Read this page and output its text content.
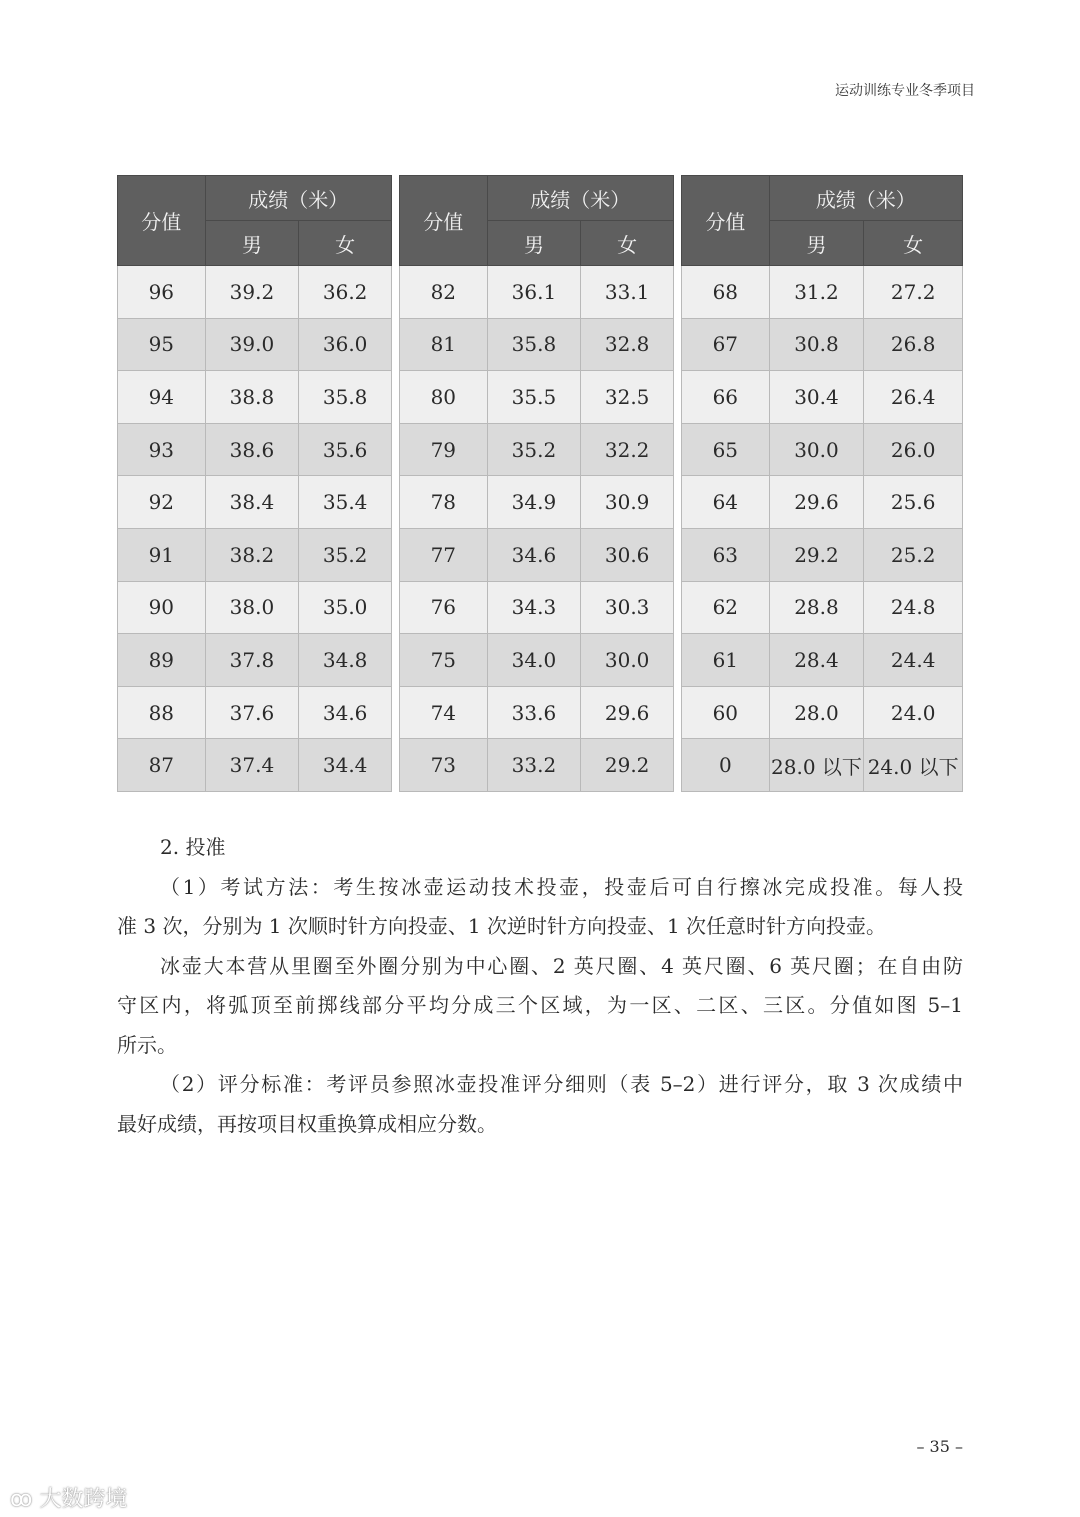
运动训练专业冬季项目
分值	成绩（米）	
	男	女
96	39.2	36.2
95	39.0	36.0
94	38.8	35.8
93	38.6	35.6
92	38.4	35.4
91	38.2	35.2
90	38.0	35.0
89	37.8	34.8
88	37.6	34.6
87	37.4	34.4
分值	成绩（米）	
	男	女
82	36.1	33.1
81	35.8	32.8
80	35.5	32.5
79	35.2	32.2
78	34.9	30.9
77	34.6	30.6
76	34.3	30.3
75	34.0	30.0
74	33.6	29.6
73	33.2	29.2
分值	成绩（米）	
	男	女
68	31.2	27.2
67	30.8	26.8
66	30.4	26.4
65	30.0	26.0
64	29.6	25.6
63	29.2	25.2
62	28.8	24.8
61	28.4	24.4
60	28.0	24.0
0	28.0 以下	24.0 以下
2. 投准
（1）考试方法：考生按冰壶运动技术投壶，投壶后可自行擦冰完成投准。每人投
准 3 次，分别为 1 次顺时针方向投壶、1 次逆时针方向投壶、1 次任意时针方向投壶。
冰壶大本营从里圈至外圈分别为中心圈、2 英尺圈、4 英尺圈、6 英尺圈；在自由防
守区内，将弧顶至前掷线部分平均分成三个区域，为一区、二区、三区。分值如图 5–1
所示。
（2）评分标准：考评员参照冰壶投准评分细则（表 5–2）进行评分，取 3 次成绩中
最好成绩，再按项目权重换算成相应分数。
– 35 –
ꝏ 大数跨境
